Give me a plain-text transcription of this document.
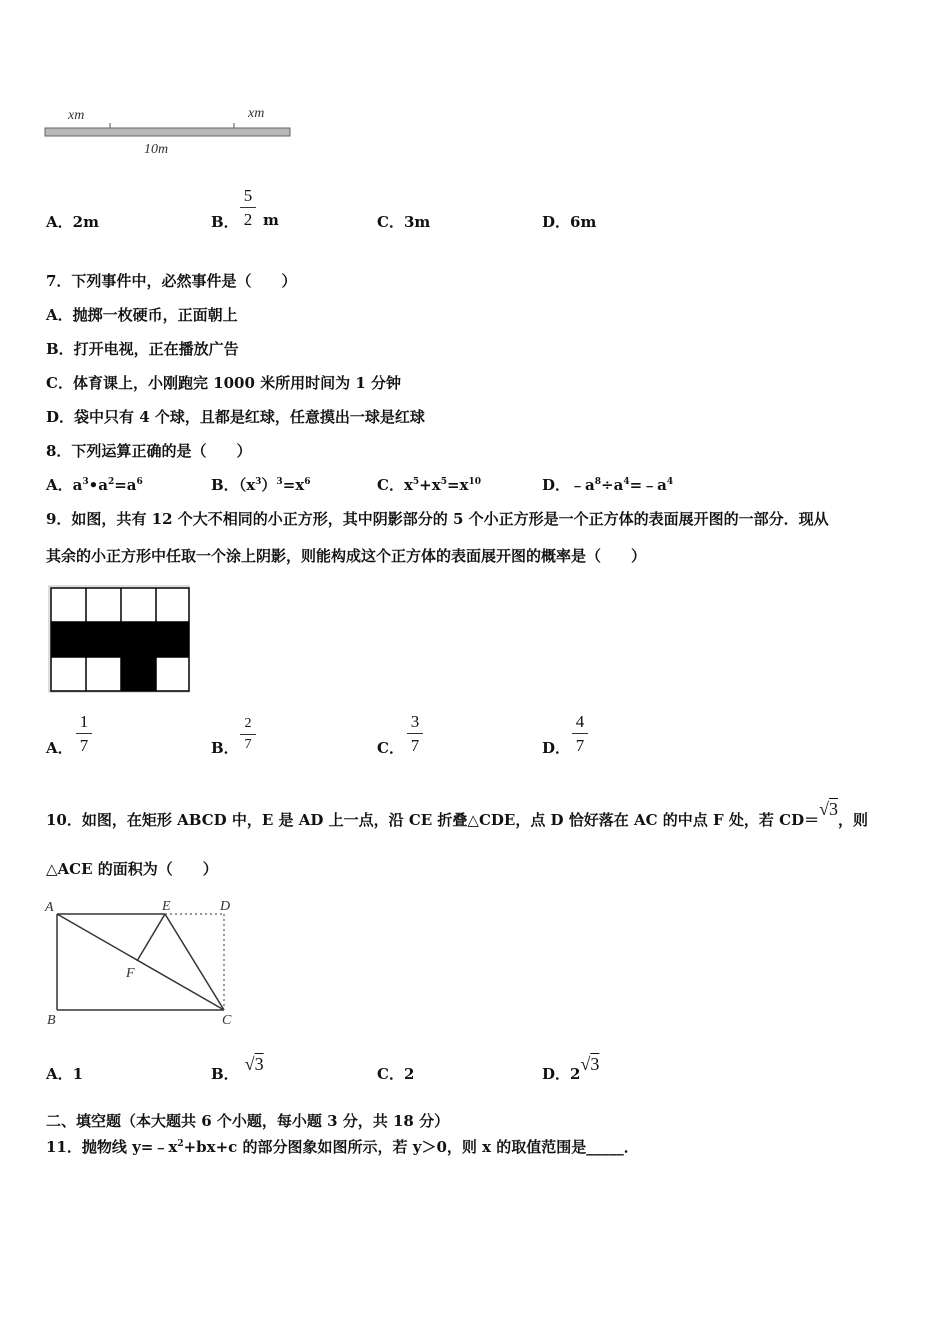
xm	xm
10m
A．2m	B．
5
2 m	C．3m	D．6m
7．下列事件中，必然事件是（　　）
A．抛掷一枚硬币，正面朝上
B．打开电视，正在播放广告
C．体育课上，小刚跑完 1000 米所用时间为 1 分钟
D．袋中只有 4 个球，且都是红球，任意摸出一球是红球
8．下列运算正确的是（　　）
A．$a^3•a^2=a^6$	B．$(x^3)^3=x^6$	C．$x^5+x^5=x^{10}$	D．$﹣a^8\div a^4=﹣a^4$
9．如图，共有 12 个大不相同的小正方形，其中阴影部分的 5 个小正方形是一个正方体的表面展开图的一部分．现从
其余的小正方形中任取一个涂上阴影，则能构成这个正方体的表面展开图的概率是（　　）
A．
1
7	B．
2
7	C．
3
7	D．
4
7
10．如图，在矩形 ABCD 中，E 是 AD 上一点，沿 CE 折叠△CDE，点 D 恰好落在 AC 的中点 F 处，若 CD＝√3，则
△ACE 的面积为（　　）
A	E	D
F
B	C
A．1	B． √3	C．2	D．2√3
二、填空题（本大题共 6 个小题，每小题 3 分，共 18 分）
11．抛物线 $y=﹣x^2+bx+c$ 的部分图象如图所示，若 y＞0，则 x 的取值范围是_____．
